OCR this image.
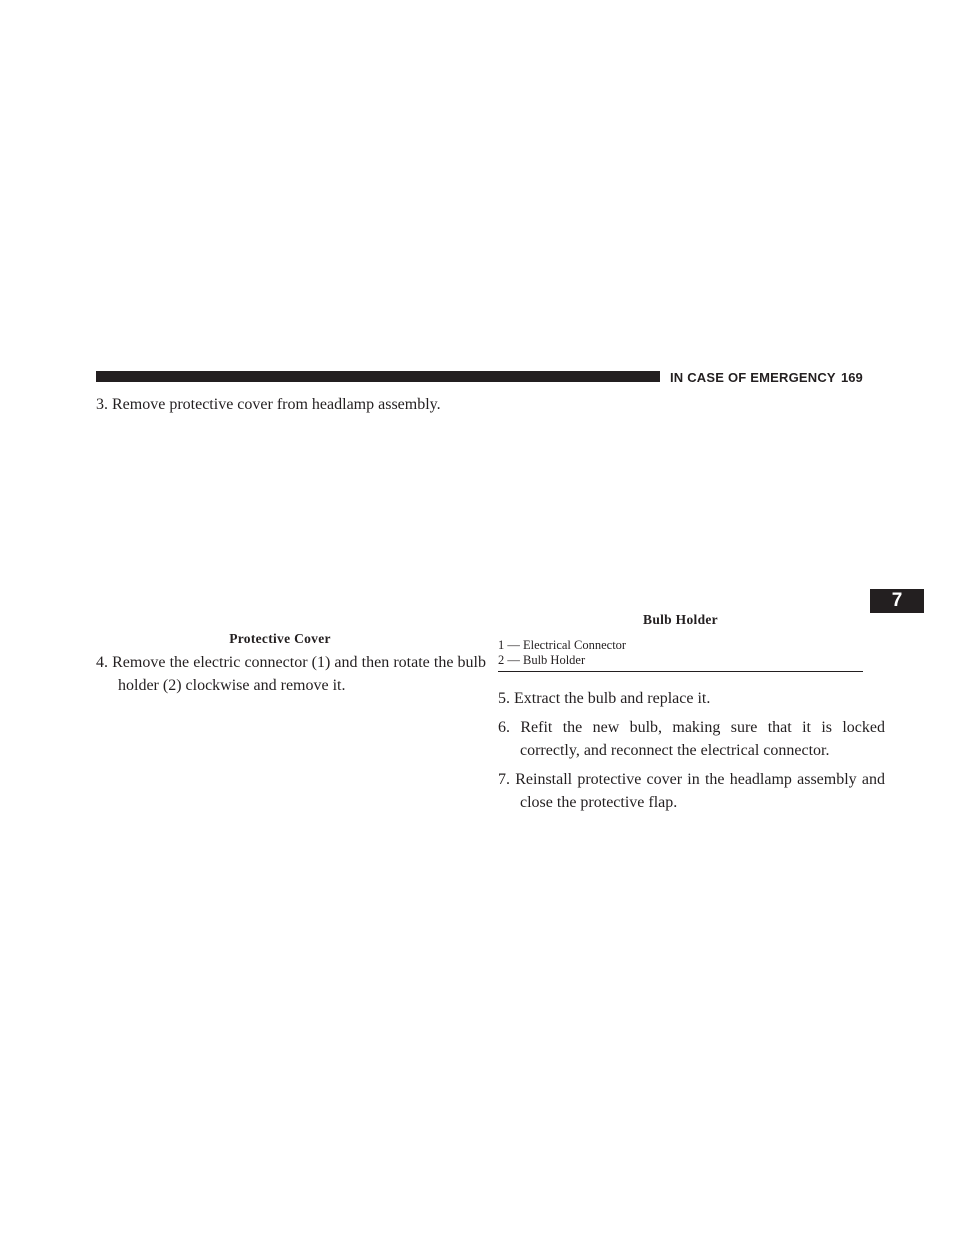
IN CASE OF EMERGENCY 169
7

3. Remove protective cover from headlamp assembly.

Protective Cover

4. Remove the electric connector (1) and then rotate the bulb holder (2) clockwise and remove it.

Bulb Holder
1 — Electrical Connector
2 — Bulb Holder

5. Extract the bulb and replace it.

6. Refit the new bulb, making sure that it is locked correctly, and reconnect the electrical connector.

7. Reinstall protective cover in the headlamp assembly and close the protective flap.
